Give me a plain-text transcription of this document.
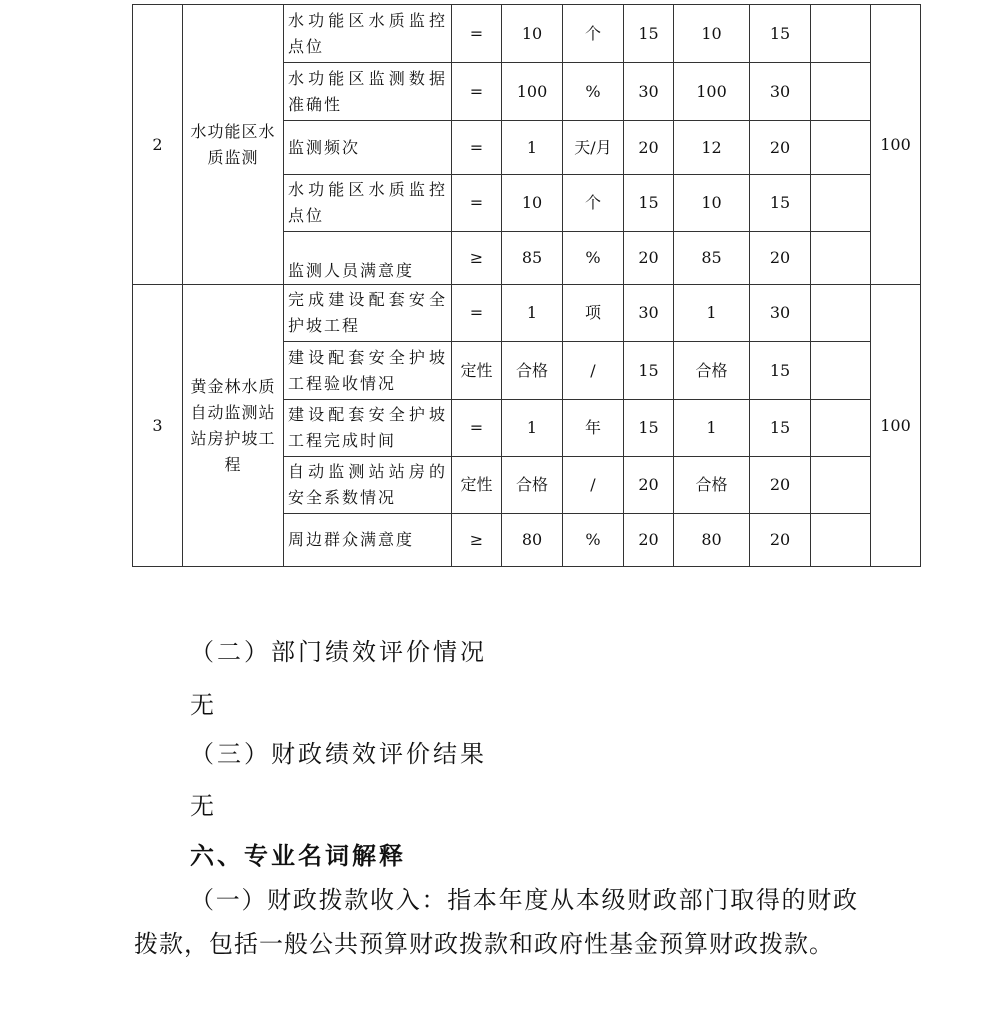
2	水功能区水质监测	水功能区水质监控点位	=	10	个	15	10	15		100
		水功能区监测数据准确性	=	100	%	30	100	30		
		监测频次	=	1	天/月	20	12	20		
		水功能区水质监控点位	=	10	个	15	10	15		
		监测人员满意度	≥	85	%	20	85	20		
3	黄金林水质自动监测站站房护坡工程	完成建设配套安全护坡工程	=	1	项	30	1	30		100
		建设配套安全护坡工程验收情况	定性	合格	/	15	合格	15		
		建设配套安全护坡工程完成时间	=	1	年	15	1	15		
		自动监测站站房的安全系数情况	定性	合格	/	20	合格	20		
		周边群众满意度	≥	80	%	20	80	20		
（二）部门绩效评价情况
无
（三）财政绩效评价结果
无
六、专业名词解释
（一）财政拨款收入：指本年度从本级财政部门取得的财政拨款，包括一般公共预算财政拨款和政府性基金预算财政拨款。
